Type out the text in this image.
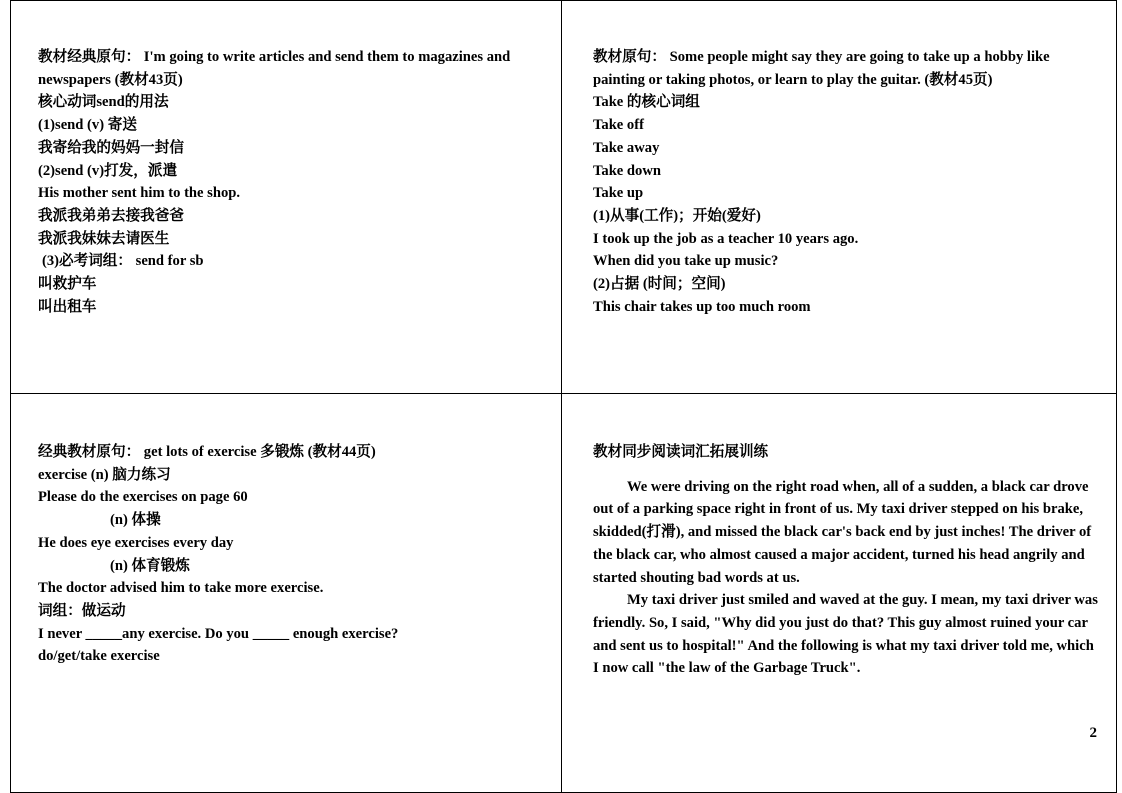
教材经典原句： I'm going to write articles and send them to magazines and newspapers (教材43页)
核心动词send的用法
(1)send (v) 寄送
我寄给我的妈妈一封信
(2)send (v)打发，派遣
His mother sent him to the shop.
我派我弟弟去接我爸爸
我派我妹妹去请医生
(3)必考词组： send for sb
叫救护车
叫出租车
教材原句： Some people might say they are going to take up a hobby like painting or taking photos, or learn to play the guitar. (教材45页)
Take 的核心词组
Take off
Take away
Take down
Take up
(1)从事(工作)；开始(爱好)
I took up the job as a teacher 10 years ago.
When did you take up music?
(2)占据 (时间；空间)
This chair takes up too much room
经典教材原句： get lots of exercise 多锻炼 (教材44页)
exercise (n) 脑力练习
Please do the exercises on page 60
(n) 体操
He does eye exercises every day
(n) 体育锻炼
The doctor advised him to take more exercise.
词组：做运动
I never _____any exercise. Do you _____ enough exercise?
do/get/take exercise
教材同步阅读词汇拓展训练

We were driving on the right road when, all of a sudden, a black car drove out of a parking space right in front of us. My taxi driver stepped on his brake, skidded(打滑), and missed the black car's back end by just inches! The driver of the black car, who almost caused a major accident, turned his head angrily and started shouting bad words at us.

My taxi driver just smiled and waved at the guy. I mean, my taxi driver was friendly. So, I said, "Why did you just do that? This guy almost ruined your car and sent us to hospital!" And the following is what my taxi driver told me, which I now call "the law of the Garbage Truck".

2
